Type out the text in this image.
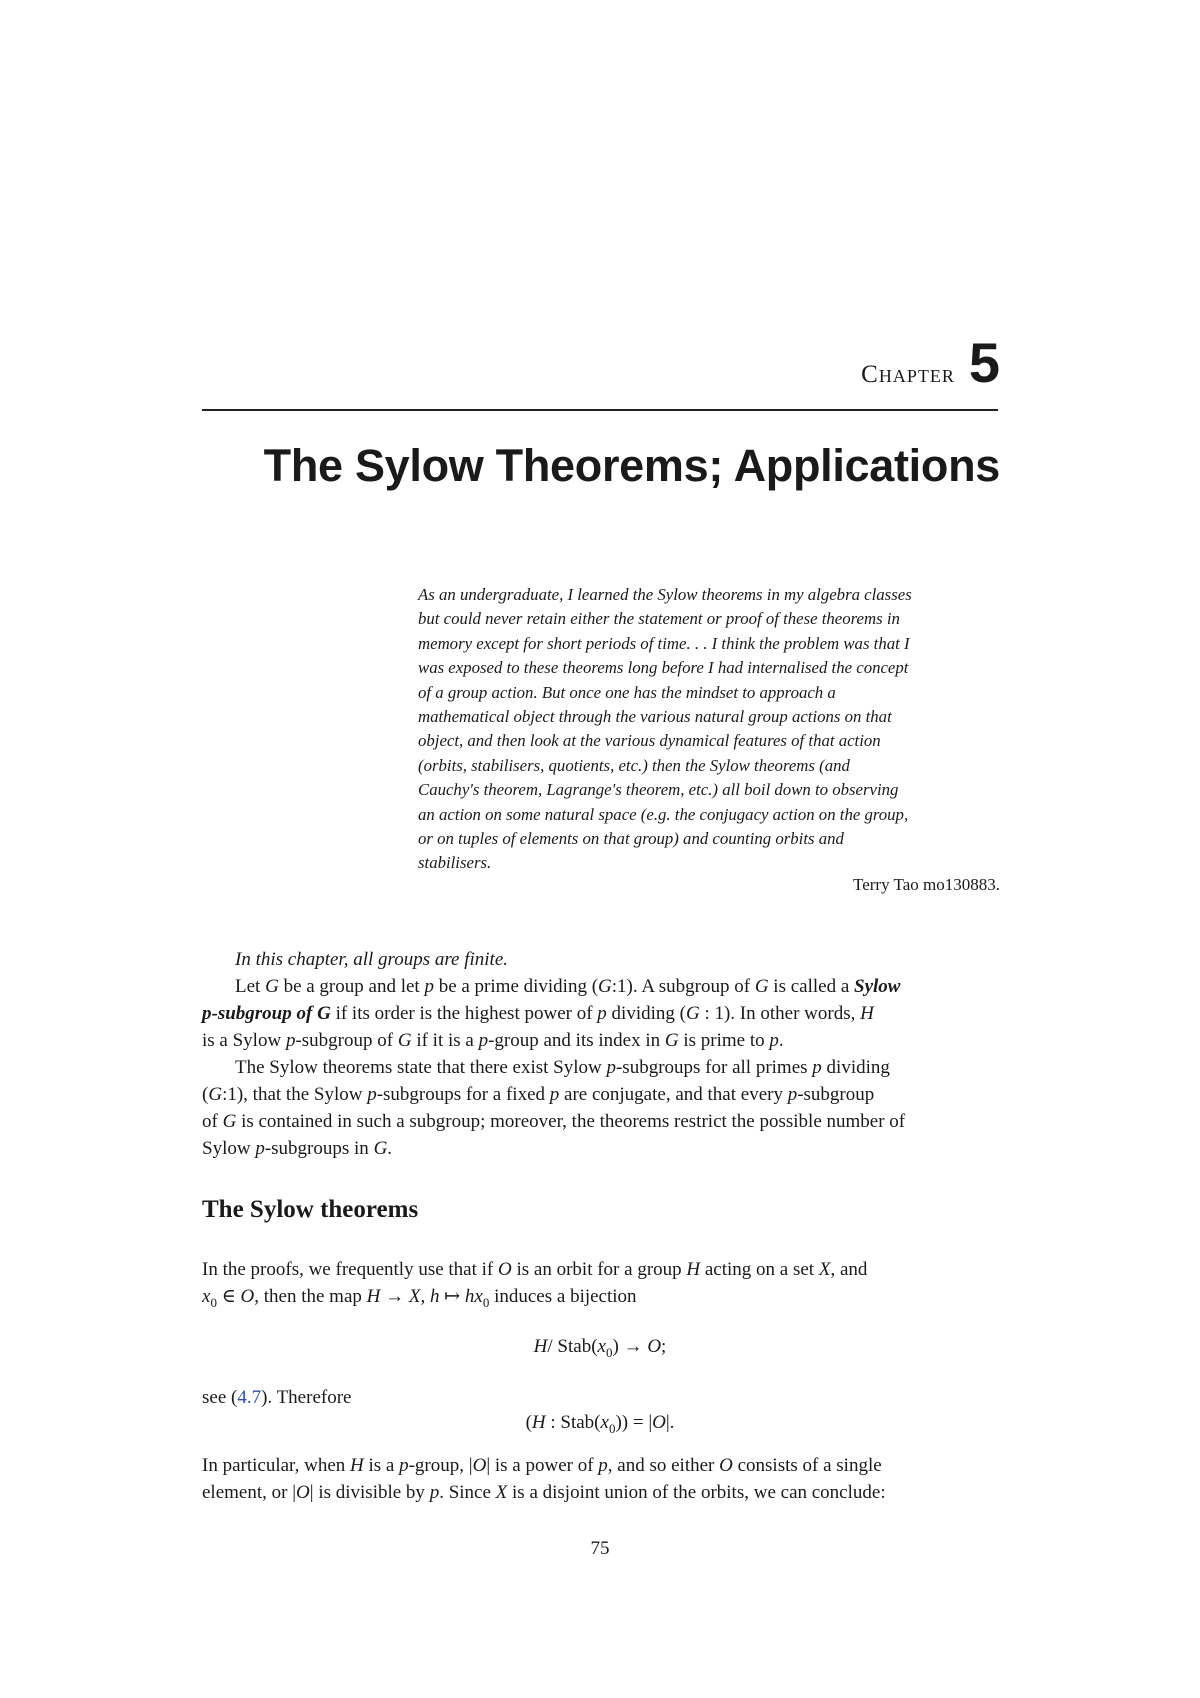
Chapter 5
The Sylow Theorems; Applications
As an undergraduate, I learned the Sylow theorems in my algebra classes
but could never retain either the statement or proof of these theorems in
memory except for short periods of time. . . I think the problem was that I
was exposed to these theorems long before I had internalised the concept
of a group action. But once one has the mindset to approach a
mathematical object through the various natural group actions on that
object, and then look at the various dynamical features of that action
(orbits, stabilisers, quotients, etc.) then the Sylow theorems (and
Cauchy's theorem, Lagrange's theorem, etc.) all boil down to observing
an action on some natural space (e.g. the conjugacy action on the group,
or on tuples of elements on that group) and counting orbits and
stabilisers.
Terry Tao mo130883.
In this chapter, all groups are finite.

Let G be a group and let p be a prime dividing (G:1). A subgroup of G is called a Sylow
p-subgroup of G if its order is the highest power of p dividing (G : 1). In other words, H
is a Sylow p-subgroup of G if it is a p-group and its index in G is prime to p.

The Sylow theorems state that there exist Sylow p-subgroups for all primes p dividing
(G:1), that the Sylow p-subgroups for a fixed p are conjugate, and that every p-subgroup
of G is contained in such a subgroup; moreover, the theorems restrict the possible number of
Sylow p-subgroups in G.

The Sylow theorems
In the proofs, we frequently use that if O is an orbit for a group H acting on a set X, and
$x_0$ ∈ O, then the map H → X, h ↦ $hx_0$ induces a bijection
H/ $Stab(x_0) \to O$;
see (4.7). Therefore
(H : $Stab(x_0)) = |O|$.
In particular, when H is a p-group, |O| is a power of p, and so either O consists of a single
element, or |O| is divisible by p. Since X is a disjoint union of the orbits, we can conclude:
75
